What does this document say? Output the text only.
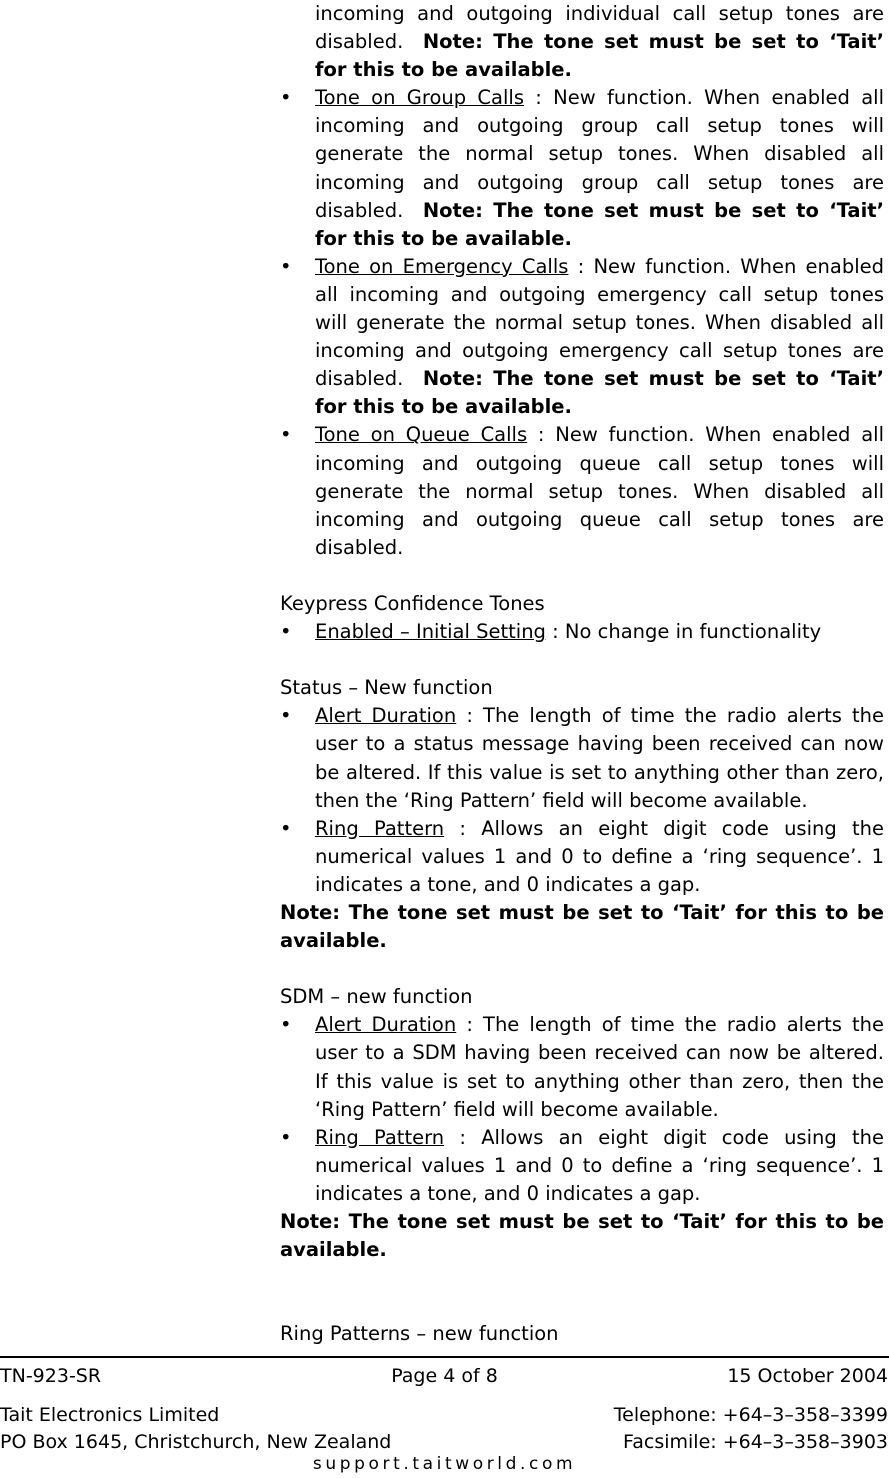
incoming and outgoing individual call setup tones are disabled. Note: The tone set must be set to ‘Tait’ for this to be available.
•	Tone on Group Calls : New function. When enabled all incoming and outgoing group call setup tones will generate the normal setup tones. When disabled all incoming and outgoing group call setup tones are disabled. Note: The tone set must be set to ‘Tait’ for this to be available.
•	Tone on Emergency Calls : New function. When enabled all incoming and outgoing emergency call setup tones will generate the normal setup tones. When disabled all incoming and outgoing emergency call setup tones are disabled. Note: The tone set must be set to ‘Tait’ for this to be available.
•	Tone on Queue Calls : New function. When enabled all incoming and outgoing queue call setup tones will generate the normal setup tones. When disabled all incoming and outgoing queue call setup tones are disabled.
Keypress Confidence Tones
•	Enabled – Initial Setting : No change in functionality
Status – New function
•	Alert Duration : The length of time the radio alerts the user to a status message having been received can now be altered. If this value is set to anything other than zero, then the ‘Ring Pattern’ field will become available.
•	Ring Pattern : Allows an eight digit code using the numerical values 1 and 0 to define a ‘ring sequence’. 1 indicates a tone, and 0 indicates a gap.
Note: The tone set must be set to ‘Tait’ for this to be available.
SDM – new function
•	Alert Duration : The length of time the radio alerts the user to a SDM having been received can now be altered. If this value is set to anything other than zero, then the ‘Ring Pattern’ field will become available.
•	Ring Pattern : Allows an eight digit code using the numerical values 1 and 0 to define a ‘ring sequence’. 1 indicates a tone, and 0 indicates a gap.
Note: The tone set must be set to ‘Tait’ for this to be available.
Ring Patterns – new function
TN-923-SR	Page 4 of 8	15 October 2004
Tait Electronics Limited	Telephone: +64–3–358–3399
PO Box 1645, Christchurch, New Zealand	Facsimile: +64–3–358–3903
support.taitworld.com
